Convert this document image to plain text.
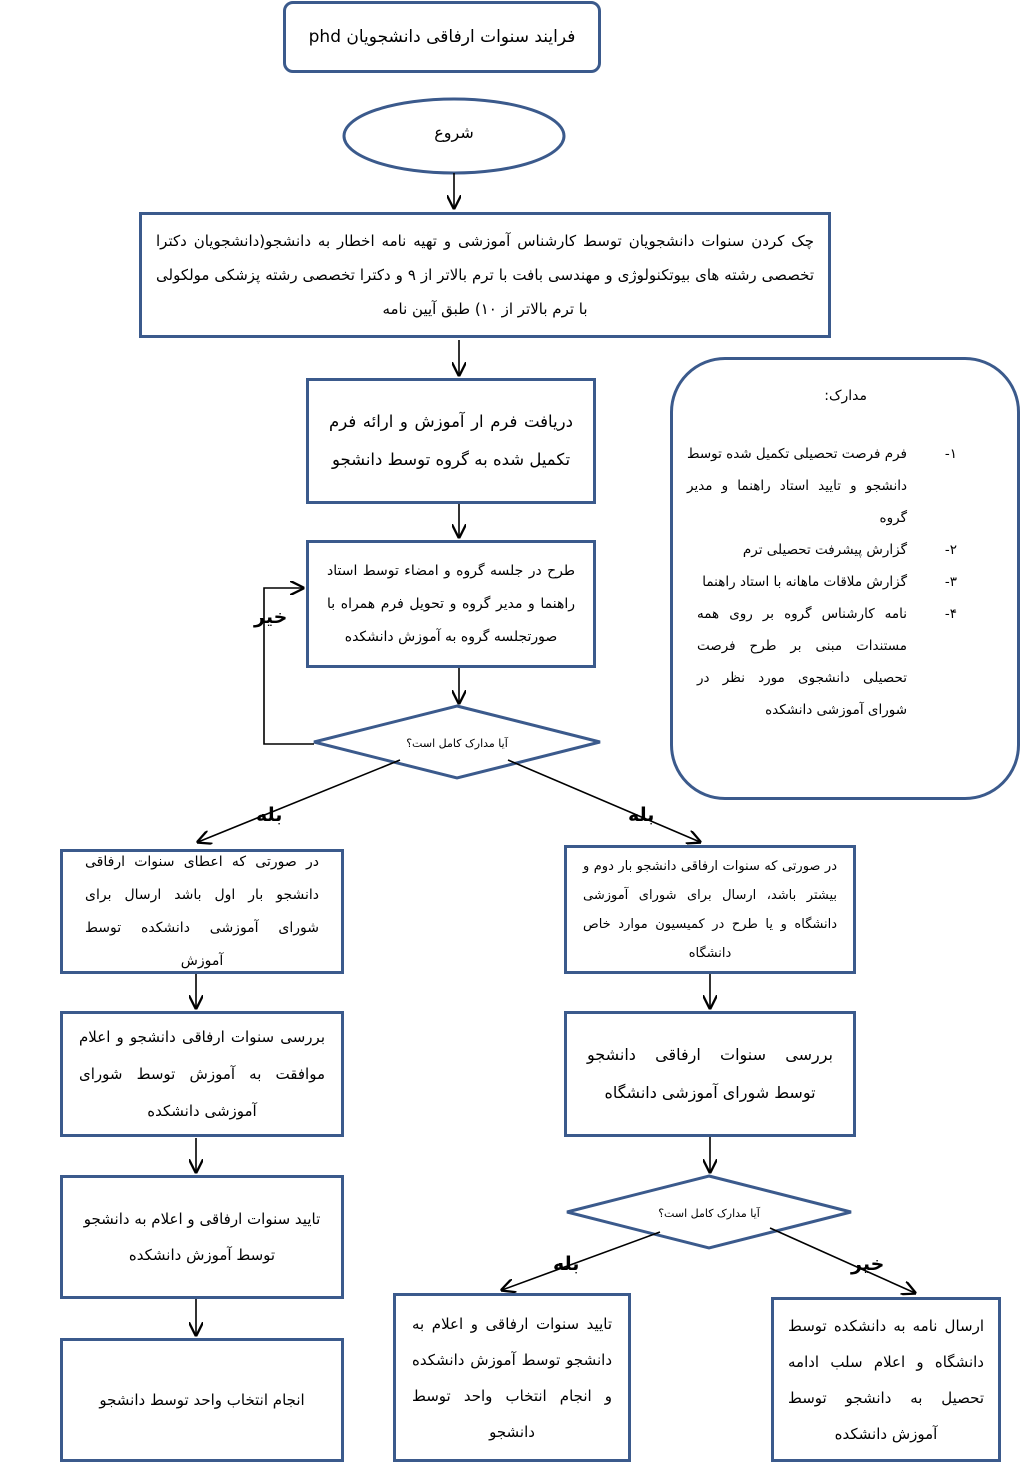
فرایند سنوات ارفاقی دانشجویان phd
شروع
چک کردن سنوات دانشجویان توسط کارشناس آموزشی و تهیه نامه اخطار به دانشجو(دانشجویان دکترا تخصصی رشته های بیوتکنولوژی و مهندسی بافت با ترم بالاتر از ۹ و دکترا تخصصی رشته پزشکی مولکولی با ترم بالاتر از ۱۰) طبق آیین نامه
دریافت فرم ار آموزش و ارائه فرم تکمیل شده به گروه توسط دانشجو
طرح در جلسه گروه و امضاء توسط استاد راهنما و مدیر گروه و تحویل فرم همراه با صورتجلسه گروه به آموزش دانشکده
آیا مدارک کامل است؟
خیر
بله	بله
مدارک:
۱-
فرم فرصت تحصیلی تکمیل شده توسط دانشجو و تایید استاد راهنما و مدیر گروه
۲-
گزارش پیشرفت تحصیلی ترم
۳-
گزارش ملاقات ماهانه با استاد راهنما
۴-
نامه کارشناس گروه بر روی همه مستندات مبنی بر طرح فرصت تحصیلی دانشجوی مورد نظر در شورای آموزشی دانشکده
در صورتی که اعطای سنوات ارفاقی دانشجو بار اول باشد ارسال برای شورای آموزشی دانشکده توسط آموزش
بررسی سنوات ارفاقی دانشجو و اعلام موافقت به آموزش توسط شورای آموزشی دانشکده
تایید سنوات ارفاقی و اعلام به دانشجو توسط آموزش دانشکده
انجام انتخاب واحد توسط دانشجو
در صورتی که سنوات ارفاقی دانشجو بار دوم و بیشتر باشد، ارسال برای شورای آموزشی دانشگاه و یا طرح در کمیسیون موارد خاص دانشگاه
بررسی سنوات ارفاقی دانشجو توسط شورای آموزشی دانشگاه
آیا مدارک کامل است؟
بله	خیر
تایید سنوات ارفاقی و اعلام به دانشجو توسط آموزش دانشکده و انجام انتخاب واحد توسط دانشجو
ارسال نامه به دانشکده توسط دانشگاه و اعلام سلب ادامه تحصیل به دانشجو توسط آموزش دانشکده
